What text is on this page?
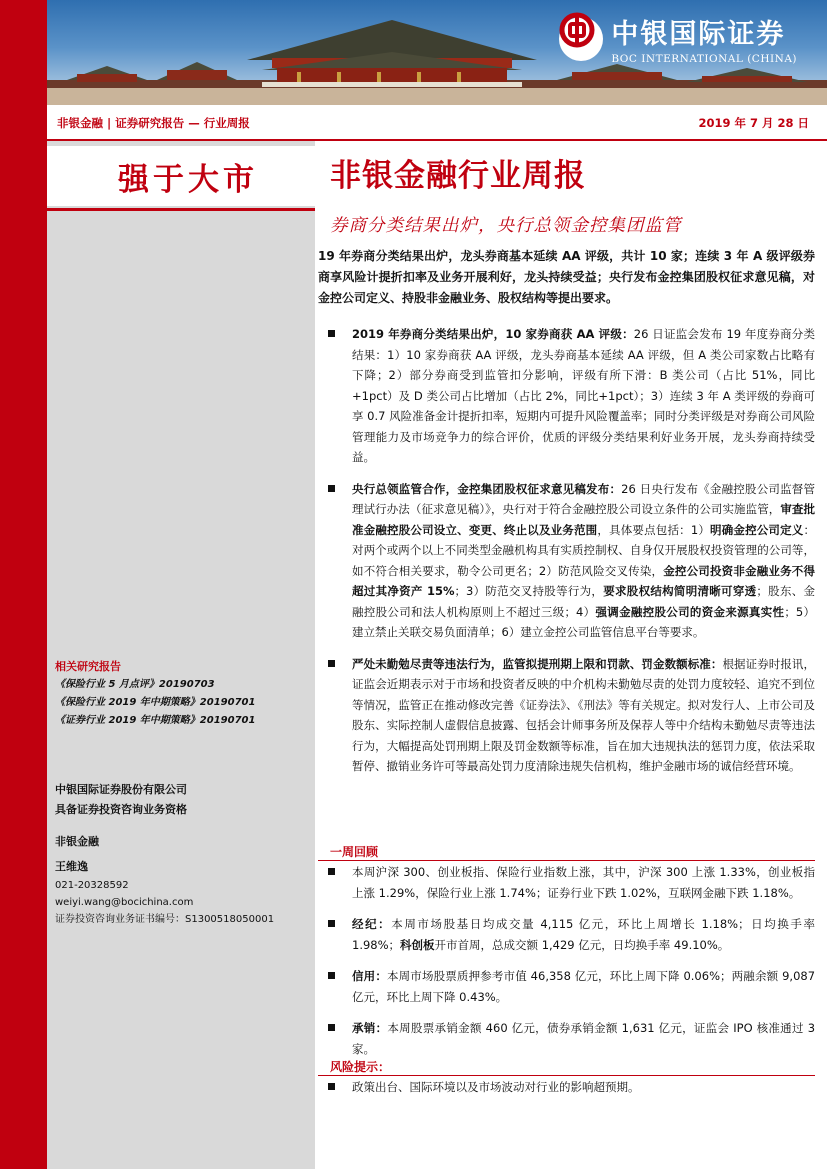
中银国际证券
BOC INTERNATIONAL (CHINA)
非银金融 | 证券研究报告 — 行业周报	2019 年 7 月 28 日
强于大市	非银金融行业周报
券商分类结果出炉，央行总领金控集团监管
19 年券商分类结果出炉，龙头券商基本延续 AA 评级，共计 10 家；连续 3 年 A 级评级券商享风险计提折扣率及业务开展利好，龙头持续受益；央行发布金控集团股权征求意见稿，对金控公司定义、持股非金融业务、股权结构等提出要求。
2019 年券商分类结果出炉，10 家券商获 AA 评级：26 日证监会发布 19 年度券商分类结果：1）10 家券商获 AA 评级，龙头券商基本延续 AA 评级，但 A 类公司家数占比略有下降；2）部分券商受到监管扣分影响，评级有所下滑：B 类公司（占比 51%，同比+1pct）及 D 类公司占比增加（占比 2%，同比+1pct）；3）连续 3 年 A 类评级的券商可享 0.7 风险准备金计提折扣率，短期内可提升风险覆盖率；同时分类评级是对券商公司风险管理能力及市场竞争力的综合评价，优质的评级分类结果利好业务开展，龙头券商持续受益。
央行总领监管合作，金控集团股权征求意见稿发布：26 日央行发布《金融控股公司监督管理试行办法（征求意见稿）》，央行对于符合金融控股公司设立条件的公司实施监管，审查批准金融控股公司设立、变更、终止以及业务范围，具体要点包括：1）明确金控公司定义：对两个或两个以上不同类型金融机构具有实质控制权、自身仅开展股权投资管理的公司等，如不符合相关要求，勒令公司更名；2）防范风险交叉传染，金控公司投资非金融业务不得超过其净资产 15%；3）防范交叉持股等行为，要求股权结构简明清晰可穿透；股东、金融控股公司和法人机构原则上不超过三级；4）强调金融控股公司的资金来源真实性；5）建立禁止关联交易负面清单；6）建立金控公司监管信息平台等要求。
严处未勤勉尽责等违法行为，监管拟提刑期上限和罚款、罚金数额标准：根据证券时报讯，证监会近期表示对于市场和投资者反映的中介机构未勤勉尽责的处罚力度较轻、追究不到位等情况，监管正在推动修改完善《证券法》、《刑法》等有关规定。拟对发行人、上市公司及股东、实际控制人虚假信息披露、包括会计师事务所及保荐人等中介结构未勤勉尽责等违法行为，大幅提高处罚刑期上限及罚金数额等标准，旨在加大违规执法的惩罚力度，依法采取暂停、撤销业务许可等最高处罚力度清除违规失信机构，维护金融市场的诚信经营环境。
一周回顾
本周沪深 300、创业板指、保险行业指数上涨，其中，沪深 300 上涨 1.33%，创业板指上涨 1.29%，保险行业上涨 1.74%；证券行业下跌 1.02%，互联网金融下跌 1.18%。
经纪：本周市场股基日均成交量 4,115 亿元，环比上周增长 1.18%；日均换手率 1.98%；科创板开市首周，总成交额 1,429 亿元，日均换手率 49.10%。
信用：本周市场股票质押参考市值 46,358 亿元，环比上周下降 0.06%；两融余额 9,087 亿元，环比上周下降 0.43%。
承销：本周股票承销金额 460 亿元，债券承销金额 1,631 亿元，证监会 IPO 核准通过 3 家。
风险提示：
政策出台、国际环境以及市场波动对行业的影响超预期。
相关研究报告
《保险行业 5 月点评》20190703
《保险行业 2019 年中期策略》20190701
《证券行业 2019 年中期策略》20190701
中银国际证券股份有限公司
具备证券投资咨询业务资格
非银金融
王维逸
021-20328592
weiyi.wang@bocichina.com
证券投资咨询业务证书编号：S1300518050001
